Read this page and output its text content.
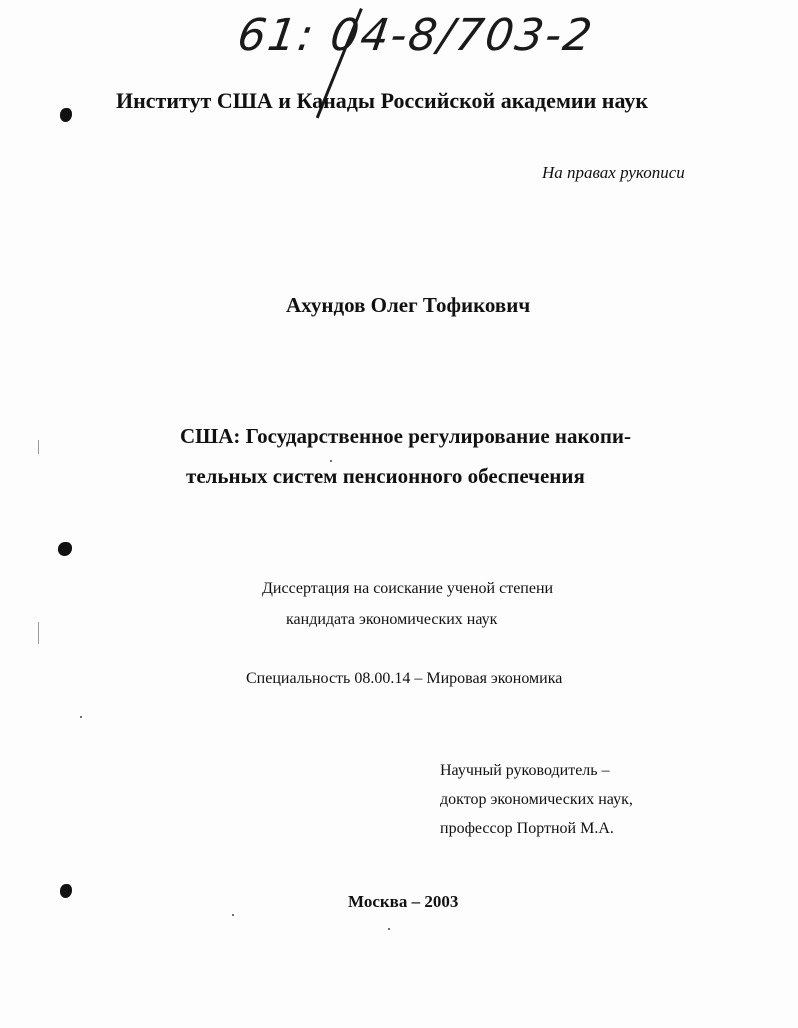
61: 04-8/703-2

Институт США и Канады Российской академии наук

На правах рукописи

Ахундов Олег Тофикович

США: Государственное регулирование накопи-

тельных систем пенсионного обеспечения

Диссертация на соискание ученой степени

кандидата экономических наук

Специальность 08.00.14 – Мировая экономика

Научный руководитель –

доктор экономических наук,

профессор Портной М.А.

Москва – 2003
